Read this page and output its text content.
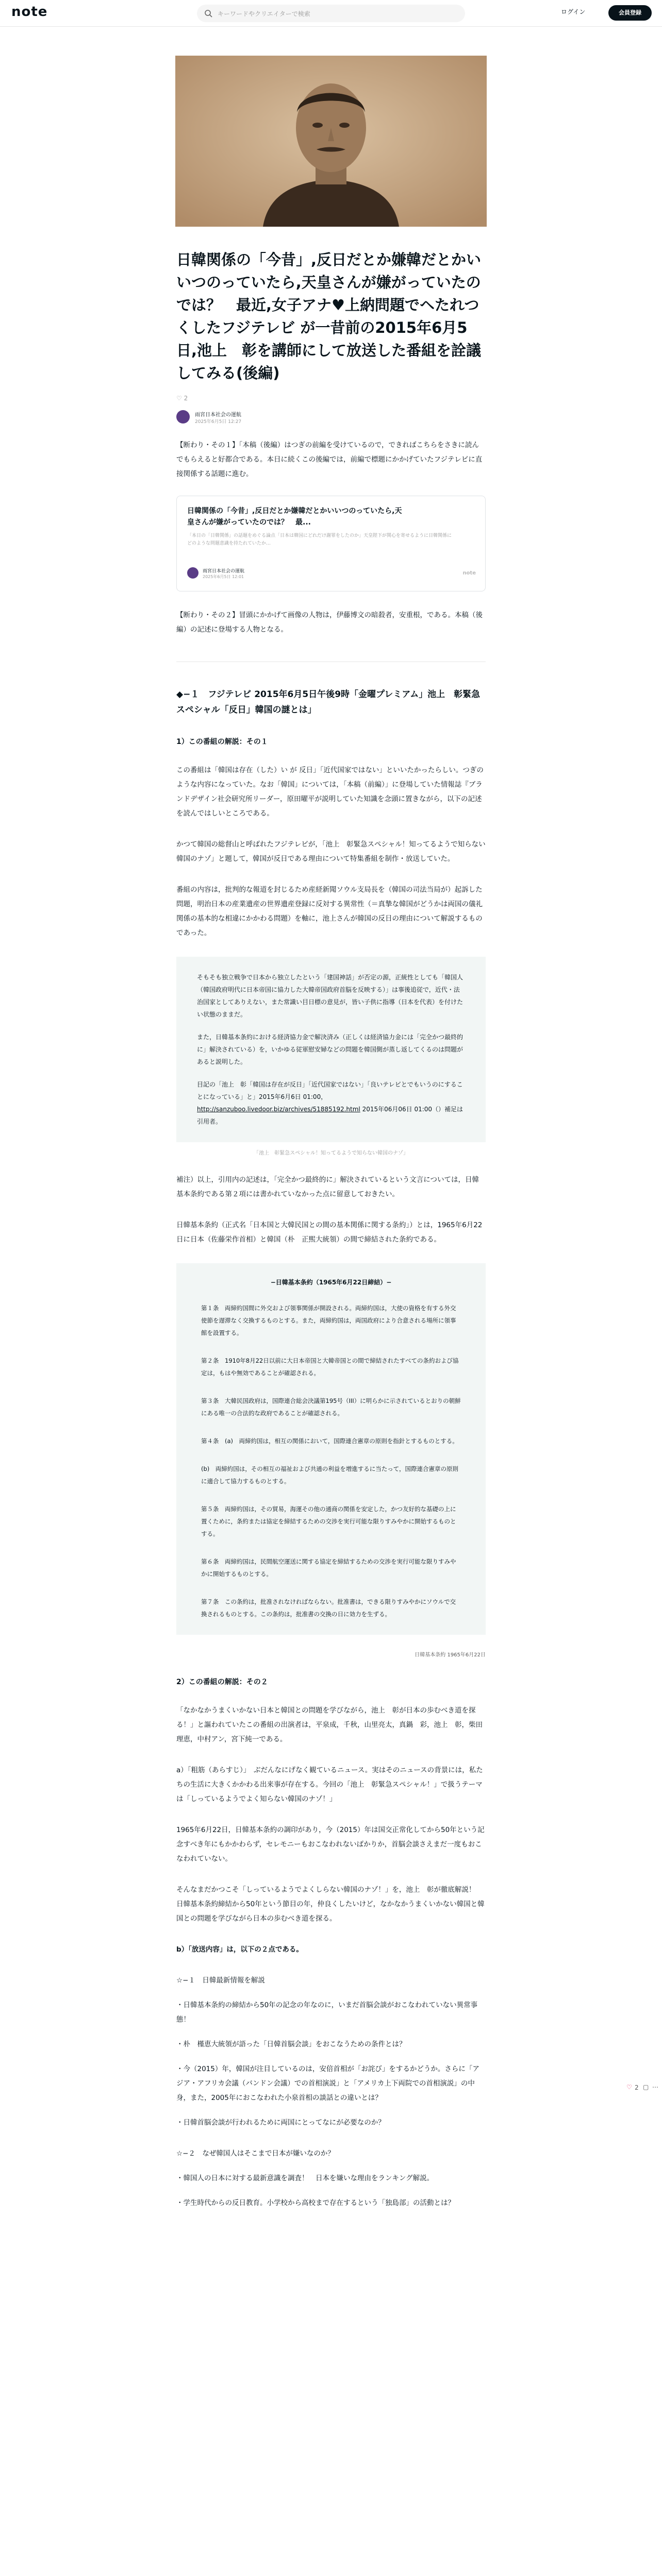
note	キーワードやクリエイターで検索	ログイン	会員登録
日韓関係の「今昔」,反日だとか嫌韓だとかいいつのっていたら,天皇さんが嫌がっていたのでは？　最近,女子アナ♥上納問題でヘたれつくしたフジテレビ が一昔前の2015年6月5日,池上　彰を講師にして放送した番組を詮議してみる(後編)
♡ 2
雨宮日本社会の運航
2025年6月5日 12:27

【断わり・その１】「本稿（後編）はつぎの前編を受けているので，できればこちらをさきに読んでもらえると好都合である。本日に続くこの後編では，前編で標題にかかげていたフジテレビに直接関係する話題に進む。

日韓関係の「今昔」,反日だとか嫌韓だとかいいつのっていたら,天皇さんが嫌がっていたのでは？　最...
「本日の「日韓関係」の話題をめぐる論点「日本は韓国にどれだけ謝罪をしたのか」天皇陛下が関心を寄せるように日韓関係にどのような問題意識を持たれていたか…
雨宮日本社会の運航
2025年6月5日 12:01
note

【断わり・その２】冒頭にかかげて画像の人物は，伊藤博文の暗殺者，安重根，である。本稿（後編）の記述に登場する人物となる。

◆−１　フジテレビ 2015年6月5日午後9時「金曜プレミアム」池上　彰緊急スペシャル「反日」韓国の謎とは」
1）この番組の解説：その１

この番組は「韓国は存在（した）い が 反日」「近代国家ではない」といいたかったらしい。つぎのような内容になっていた。なお「韓国」については，「本稿（前編）」に登場していた情報誌『ブランドデザイン社会研究所リーダー，原田曜平が説明していた知識を念頭に置きながら，以下の記述を読んではしいところである。

かつて韓国の総督山と呼ばれたフジテレビが，「池上　彰緊急スペシャル！知ってるようで知らない韓国のナゾ」と題して，韓国が反日である理由について特集番組を制作・放送していた。

番組の内容は，批判的な報道を封じるため産経新聞ソウル支局長を（韓国の司法当局が）起訴した問題，明治日本の産業遺産の世界遺産登録に反対する異常性（＝真摯な韓国がどうかは両国の儀礼関係の基本的な相違にかかわる問題）を軸に，池上さんが韓国の反日の理由について解説するものであった。

そもそも独立戦争で日本から独立したという「建国神話」が否定の源，正統性としても「韓国人 （韓国政府明代に日本帝国に協力した大韓帝国政府首脳を反映する）」は事後追従で，近代・法治国家としてありえない，また常識い目日標の意見が，皆い子供に指導（日本を代表）を付けたい状態のままだ。

また，日韓基本条約における経済協力金で解決済み（正しくは経済協力金には「完全かつ最終的に」解決されている）を，いかゆる従軍慰安婦などの問題を韓国側が蒸し返してくるのは問題があると説明した。

目記の「池上　彰「韓国は存在が反日」「近代国家ではない」「良いテレビとでもいうのにすることになっている」と」2015年6月6日 01:00， http://sanzuboo.livedoor.biz/archives/51885192.html 2015年06月06日 01:00（）補足は引用者。

「池上　彰緊急スペシャル！知ってるようで知らない韓国のナゾ」

補注）以上，引用内の記述は，「完全かつ最終的に」解決されているという文言については，日韓基本条約である第２項には書かれていなかった点に留意しておきたい。

日韓基本条約（正式名「日本国と大韓民国との間の基本関係に関する条約」）とは，1965年6月22日に日本（佐藤栄作首相）と韓国（朴　正煕大統領）の間で締結された条約である。

−日韓基本条約（1965年6月22日締結）−

第１条　両締約国間に外交および領事関係が開設される。両締約国は，大使の資格を有する外交使節を遅滞なく交換するものとする。また，両締約国は，両国政府により合意される場所に領事館を設置する。

第２条　1910年8月22日以前に大日本帝国と大韓帝国との間で締結されたすべての条約および協定は，もはや無効であることが確認される。

第３条　大韓民国政府は，国際連合総会決議第195号（III）に明らかに示されているとおりの朝鮮にある唯一の合法的な政府であることが確認される。

第４条　(a)　両締約国は，相互の関係において，国際連合憲章の原則を指針とするものとする。

(b)　両締約国は，その相互の福祉および共通の利益を増進するに当たって，国際連合憲章の原則に適合して協力するものとする。

第５条　両締約国は，その貿易，海運その他の通商の関係を安定した，かつ友好的な基礎の上に置くために，条約または協定を締結するための交渉を実行可能な限りすみやかに開始するものとする。

第６条　両締約国は，民間航空運送に関する協定を締結するための交渉を実行可能な限りすみやかに開始するものとする。

第７条　この条約は，批准されなければならない。批准書は，できる限りすみやかにソウルで交換されるものとする。この条約は，批准書の交換の日に効力を生ずる。

日韓基本条約 1965年6月22日
2）この番組の解説：その２

「なかなかうまくいかない日本と韓国との問題を学びながら，池上　彰が日本の歩むべき道を探る！」と謳われていたこの番組の出演者は，平泉成，千秋，山里亮太，真鍋　彩，池上　彰，柴田理恵，中村アン，宮下純一である。

a）「粗筋（あらすじ）」　ぶだんなにげなく観ているニュース。実はそのニュースの背景には，私たちの生活に大きくかかわる出来事が存在する。今回の「池上　彰緊急スペシャル！」で扱うテーマは「しっているようでよく知らない韓国のナゾ！」

1965年6月22日，日韓基本条約の調印があり，今（2015）年は国交正常化してから50年という記念すべき年にもかかわらず，セレモニーもおこなわれないばかりか，首脳会談さえまだ一度もおこなわれていない。

そんなまだかつこそ「しっているようでよくしらない韓国のナゾ！」を，池上　彰が徹底解説！　日韓基本条約締結から50年という節目の年，仲良くしたいけど，なかなかうまくいかない韓国と韓国との問題を学びながら日本の歩むべき道を探る。

b）「放送内容」は，以下の２点である。

☆−１　日韓最新情報を解説

・日韓基本条約の締結から50年の記念の年なのに，いまだ首脳会談がおこなわれていない異常事態！

・朴　槿恵大統領が語った「日韓首脳会談」をおこなうための条件とは？

・今（2015）年，韓国が注目しているのは，安倍首相が「お詫び」をするかどうか。さらに「アジア・アフリカ会議（バンドン会議）での首相演説」と「アメリカ上下両院での首相演説」の中身，また，2005年におこなわれた小泉首相の談話との違いとは？

・日韓首脳会談が行われるために両国にとってなにが必要なのか？

☆−２　なぜ韓国人はそこまで日本が嫌いなのか？

・韓国人の日本に対する最新意識を調査！　日本を嫌いな理由をランキング解説。

・学生時代からの反日教育。小学校から高校まで存在するという「独島部」の活動とは？

♡ 2 ▢ ⋯
